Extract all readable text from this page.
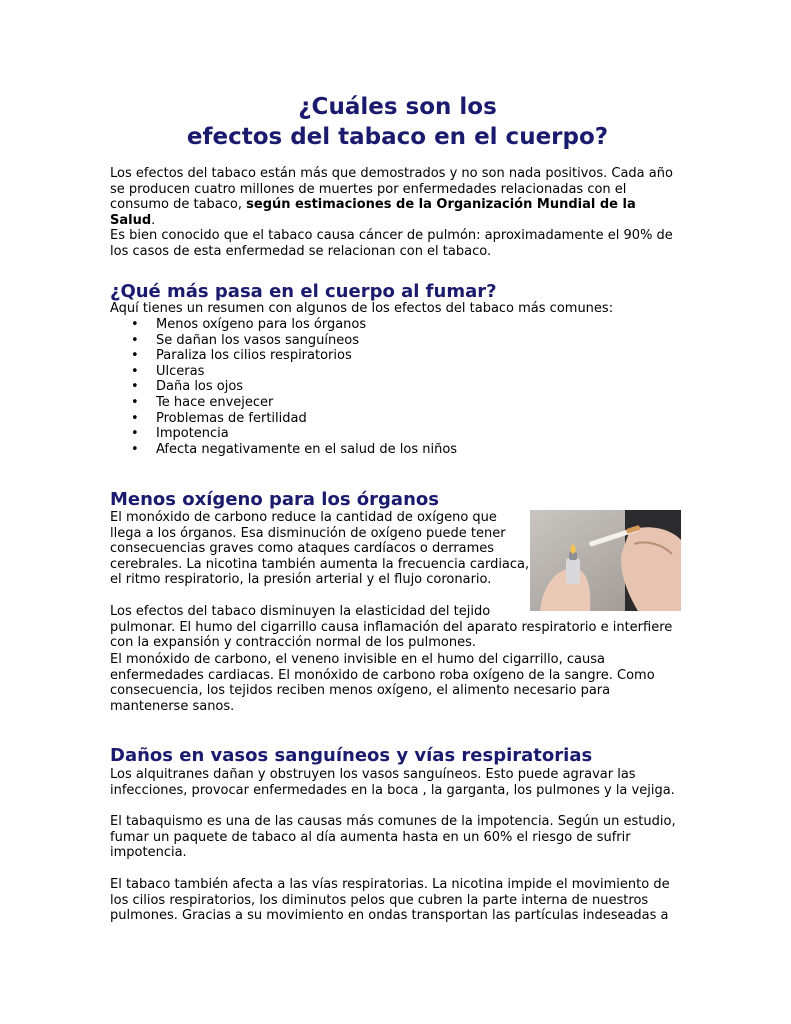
¿Cuáles son los
efectos del tabaco en el cuerpo?

Los efectos del tabaco están más que demostrados y no son nada positivos. Cada año se producen cuatro millones de muertes por enfermedades relacionadas con el consumo de tabaco, según estimaciones de la Organización Mundial de la Salud.

Es bien conocido que el tabaco causa cáncer de pulmón: aproximadamente el 90% de los casos de esta enfermedad se relacionan con el tabaco.

¿Qué más pasa en el cuerpo al fumar?

Aquí tienes un resumen con algunos de los efectos del tabaco más comunes:

• Menos oxígeno para los órganos
• Se dañan los vasos sanguíneos
• Paraliza los cilios respiratorios
• Ulceras
• Daña los ojos
• Te hace envejecer
• Problemas de fertilidad
• Impotencia
• Afecta negativamente en el salud de los niños
Menos oxígeno para los órganos

El monóxido de carbono reduce la cantidad de oxígeno que
llega a los órganos. Esa disminución de oxígeno puede tener
consecuencias graves como ataques cardíacos o derrames
cerebrales. La nicotina también aumenta la frecuencia cardiaca,
el ritmo respiratorio, la presión arterial y el flujo coronario.

Los efectos del tabaco disminuyen la elasticidad del tejido
pulmonar. El humo del cigarrillo causa inflamación del aparato respiratorio e interfiere con la expansión y contracción normal de los pulmones.

El monóxido de carbono, el veneno invisible en el humo del cigarrillo, causa enfermedades cardiacas. El monóxido de carbono roba oxígeno de la sangre. Como consecuencia, los tejidos reciben menos oxígeno, el alimento necesario para mantenerse sanos.

Daños en vasos sanguíneos y vías respiratorias

Los alquitranes dañan y obstruyen los vasos sanguíneos. Esto puede agravar las infecciones, provocar enfermedades en la boca , la garganta, los pulmones y la vejiga.

El tabaquismo es una de las causas más comunes de la impotencia. Según un estudio, fumar un paquete de tabaco al día aumenta hasta en un 60% el riesgo de sufrir impotencia.

El tabaco también afecta a las vías respiratorias. La nicotina impide el movimiento de los cilios respiratorios, los diminutos pelos que cubren la parte interna de nuestros pulmones. Gracias a su movimiento en ondas transportan las partículas indeseadas a
